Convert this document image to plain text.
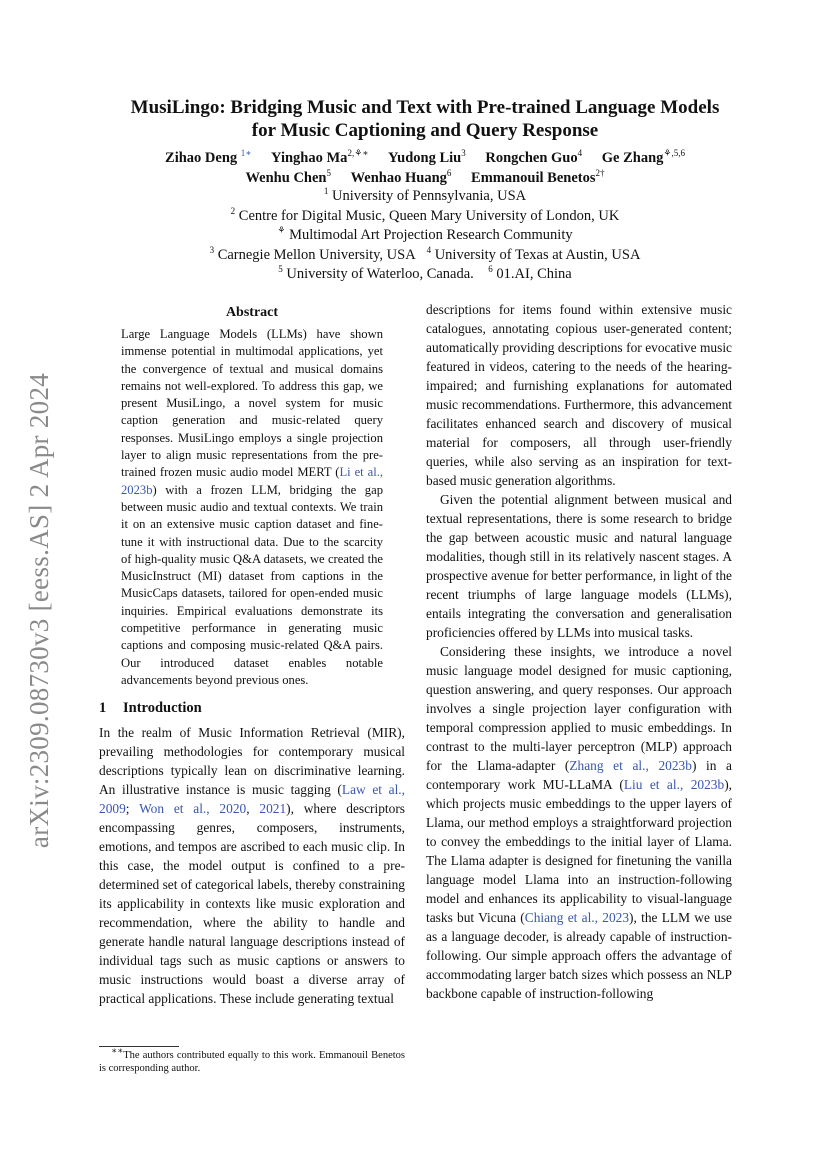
arXiv:2309.08730v3 [eess.AS] 2 Apr 2024
MusiLingo: Bridging Music and Text with Pre-trained Language Models
for Music Captioning and Query Response
Zihao Deng $^{1∗}$ Yinghao $Ma^{2,⚘∗}$ Yudong Liu$^3$ Rongchen Guo$^4$ Ge Zhang$^{⚘,5,6}$
Wenhu Chen$^5$ Wenhao Huang$^6$ Emmanouil Benetos$^{2\dagger}$
$^1$ University of Pennsylvania, USA
$^2$ Centre for Digital Music, Queen Mary University of London, UK
⚘ Multimodal Art Projection Research Community
$^3$ Carnegie Mellon University, USA $^4$ University of Texas at Austin, USA
$^5$ University of Waterloo, Canada. $^6$ 01.AI, China
Abstract

Large Language Models (LLMs) have shown immense potential in multimodal applications, yet the convergence of textual and musical domains remains not well-explored. To address this gap, we present MusiLingo, a novel system for music caption generation and music-related query responses. MusiLingo employs a single projection layer to align music representations from the pre-trained frozen music audio model MERT (Li et al., 2023b) with a frozen LLM, bridging the gap between music audio and textual contexts. We train it on an extensive music caption dataset and fine-tune it with instructional data. Due to the scarcity of high-quality music Q&A datasets, we created the MusicInstruct (MI) dataset from captions in the MusicCaps datasets, tailored for open-ended music inquiries. Empirical evaluations demonstrate its competitive performance in generating music captions and composing music-related Q&A pairs. Our introduced dataset enables notable advancements beyond previous ones.

1 Introduction

In the realm of Music Information Retrieval (MIR), prevailing methodologies for contemporary musical descriptions typically lean on discriminative learning. An illustrative instance is music tagging (Law et al., 2009; Won et al., 2020, 2021), where descriptors encompassing genres, composers, instruments, emotions, and tempos are ascribed to each music clip. In this case, the model output is confined to a pre-determined set of categorical labels, thereby constraining its applicability in contexts like music exploration and recommendation, where the ability to handle and generate handle natural language descriptions instead of individual tags such as music captions or answers to music instructions would boast a diverse array of practical applications. These include generating textual

descriptions for items found within extensive music catalogues, annotating copious user-generated content; automatically providing descriptions for evocative music featured in videos, catering to the needs of the hearing-impaired; and furnishing explanations for automated music recommendations. Furthermore, this advancement facilitates enhanced search and discovery of musical material for composers, all through user-friendly queries, while also serving as an inspiration for text-based music generation algorithms.

Given the potential alignment between musical and textual representations, there is some research to bridge the gap between acoustic music and natural language modalities, though still in its relatively nascent stages. A prospective avenue for better performance, in light of the recent triumphs of large language models (LLMs), entails integrating the conversation and generalisation proficiencies offered by LLMs into musical tasks.

Considering these insights, we introduce a novel music language model designed for music captioning, question answering, and query responses. Our approach involves a single projection layer configuration with temporal compression applied to music embeddings. In contrast to the multi-layer perceptron (MLP) approach for the Llama-adapter (Zhang et al., 2023b) in a contemporary work MU-LLaMA (Liu et al., 2023b), which projects music embeddings to the upper layers of Llama, our method employs a straightforward projection to convey the embeddings to the initial layer of Llama. The Llama adapter is designed for finetuning the vanilla language model Llama into an instruction-following model and enhances its applicability to visual-language tasks but Vicuna (Chiang et al., 2023), the LLM we use as a language decoder, is already capable of instruction-following. Our simple approach offers the advantage of accommodating larger batch sizes which possess an NLP backbone capable of instruction-following

∗∗The authors contributed equally to this work. Emmanouil Benetos is corresponding author.
